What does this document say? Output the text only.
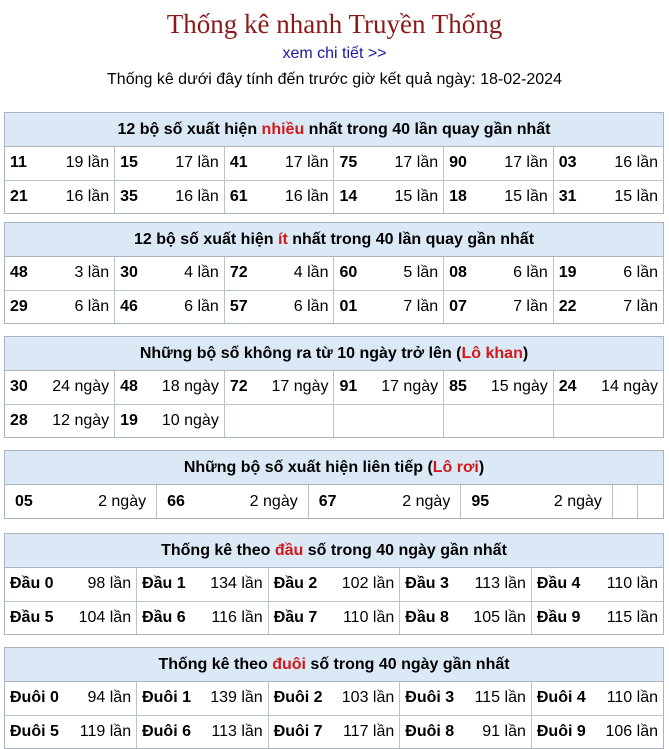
Thống kê nhanh Truyền Thống
xem chi tiết >>
Thống kê dưới đây tính đến trước giờ kết quả ngày: 18-02-2024
12 bộ số xuất hiện nhiều nhất trong 40 lần quay gần nhất
11 19 lần	15 17 lần	41 17 lần	75 17 lần	90 17 lần	03 16 lần

21 16 lần	35 16 lần	61 16 lần	14 15 lần	18 15 lần	31 15 lần
12 bộ số xuất hiện ít nhất trong 40 lần quay gần nhất
48 3 lần	30 4 lần	72 4 lần	60 5 lần	08 6 lần	19 6 lần

29 6 lần	46 6 lần	57 6 lần	01 7 lần	07 7 lần	22 7 lần
Những bộ số không ra từ 10 ngày trở lên (Lô khan)
30 24 ngày	48 18 ngày	72 17 ngày	91 17 ngày	85 15 ngày	24 14 ngày

28 12 ngày	19 10 ngày				

Những bộ số xuất hiện liên tiếp (Lô rơi)
05	2 ngày	66	2 ngày	67	2 ngày	95	2 ngày

Thống kê theo đầu số trong 40 ngày gần nhất
Đầu 0 98 lần	Đầu 1 134 lần	Đầu 2 102 lần	Đầu 3 113 lần	Đầu 4 110 lần

Đầu 5 104 lần	Đầu 6 116 lần	Đầu 7 110 lần	Đầu 8 105 lần	Đầu 9 115 lần
Thống kê theo đuôi số trong 40 ngày gần nhất
Đuôi 0 94 lần	Đuôi 1 139 lần	Đuôi 2 103 lần	Đuôi 3 115 lần	Đuôi 4 110 lần

Đuôi 5 119 lần	Đuôi 6 113 lần	Đuôi 7 117 lần	Đuôi 8 91 lần	Đuôi 9 106 lần
